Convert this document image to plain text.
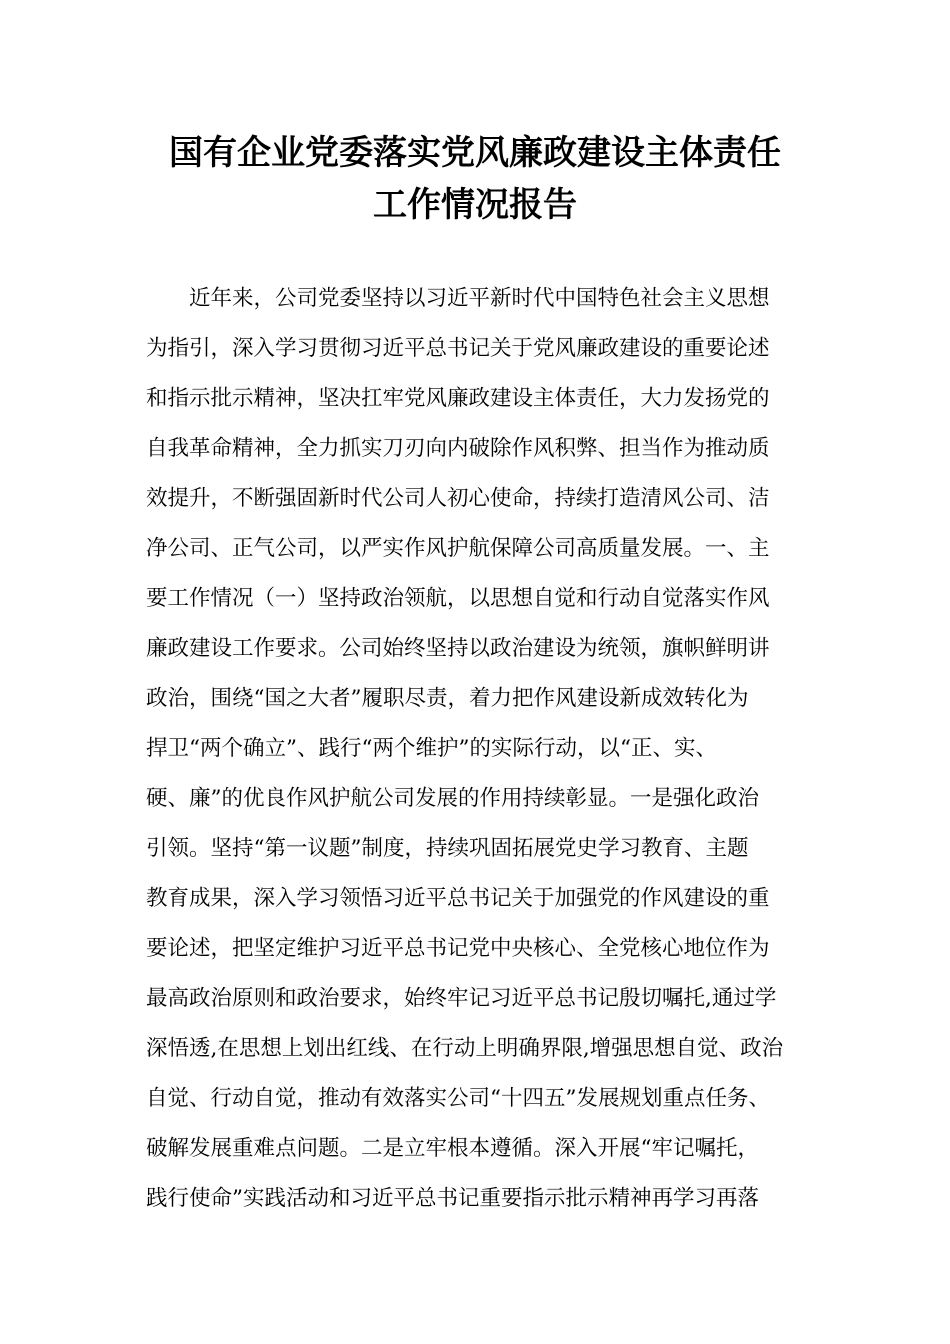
国有企业党委落实党风廉政建设主体责任
工作情况报告
　　近年来，公司党委坚持以习近平新时代中国特色社会主义思想
为指引，深入学习贯彻习近平总书记关于党风廉政建设的重要论述
和指示批示精神，坚决扛牢党风廉政建设主体责任，大力发扬党的
自我革命精神，全力抓实刀刃向内破除作风积弊、担当作为推动质
效提升，不断强固新时代公司人初心使命，持续打造清风公司、洁
净公司、正气公司，以严实作风护航保障公司高质量发展。一、主
要工作情况（一）坚持政治领航，以思想自觉和行动自觉落实作风
廉政建设工作要求。公司始终坚持以政治建设为统领，旗帜鲜明讲
政治，围绕“国之大者”履职尽责，着力把作风建设新成效转化为
捍卫“两个确立”、践行“两个维护”的实际行动，以“正、实、
硬、廉”的优良作风护航公司发展的作用持续彰显。一是强化政治
引领。坚持“第一议题”制度，持续巩固拓展党史学习教育、主题
教育成果，深入学习领悟习近平总书记关于加强党的作风建设的重
要论述，把坚定维护习近平总书记党中央核心、全党核心地位作为
最高政治原则和政治要求，始终牢记习近平总书记殷切嘱托,通过学
深悟透,在思想上划出红线、在行动上明确界限,增强思想自觉、政治
自觉、行动自觉，推动有效落实公司“十四五”发展规划重点任务、
破解发展重难点问题。二是立牢根本遵循。深入开展“牢记嘱托，
践行使命”实践活动和习近平总书记重要指示批示精神再学习再落
